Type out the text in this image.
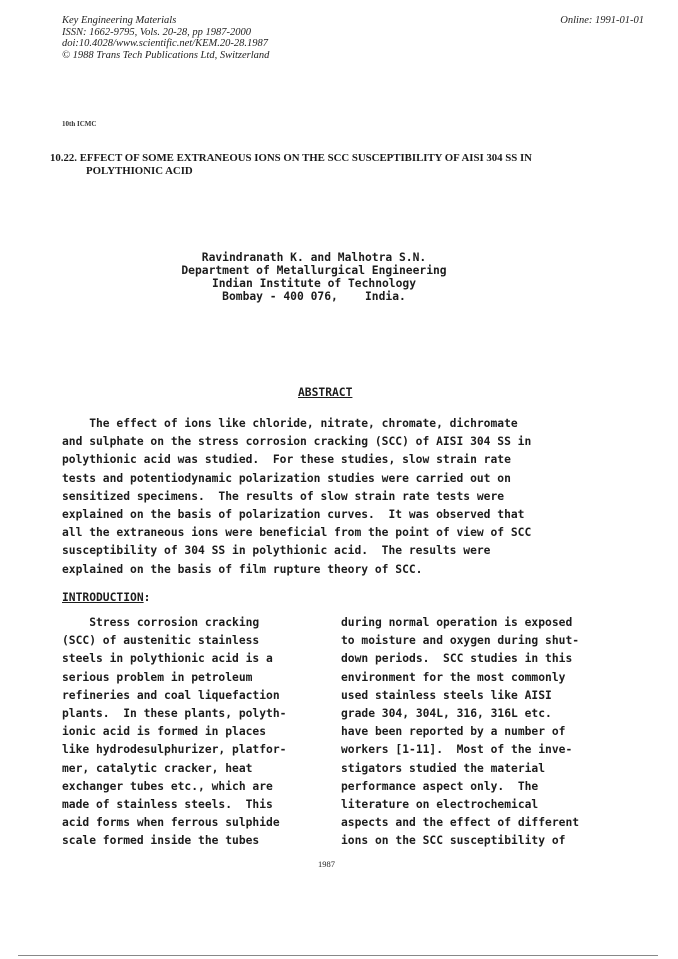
Key Engineering Materials
ISSN: 1662-9795, Vols. 20-28, pp 1987-2000
doi:10.4028/www.scientific.net/KEM.20-28.1987
© 1988 Trans Tech Publications Ltd, Switzerland
Online: 1991-01-01
10th ICMC
10.22. EFFECT OF SOME EXTRANEOUS IONS ON THE SCC SUSCEPTIBILITY OF AISI 304 SS IN
POLYTHIONIC ACID
Ravindranath K. and Malhotra S.N.
Department of Metallurgical Engineering
Indian Institute of Technology
Bombay - 400 076,    India.
ABSTRACT
The effect of ions like chloride, nitrate, chromate, dichromate
and sulphate on the stress corrosion cracking (SCC) of AISI 304 SS in
polythionic acid was studied.  For these studies, slow strain rate
tests and potentiodynamic polarization studies were carried out on
sensitized specimens.  The results of slow strain rate tests were
explained on the basis of polarization curves.  It was observed that
all the extraneous ions were beneficial from the point of view of SCC
susceptibility of 304 SS in polythionic acid.  The results were
explained on the basis of film rupture theory of SCC.
INTRODUCTION:
Stress corrosion cracking
(SCC) of austenitic stainless
steels in polythionic acid is a
serious problem in petroleum
refineries and coal liquefaction
plants.  In these plants, polyth-
ionic acid is formed in places
like hydrodesulphurizer, platfor-
mer, catalytic cracker, heat
exchanger tubes etc., which are
made of stainless steels.  This
acid forms when ferrous sulphide
scale formed inside the tubes
during normal operation is exposed
to moisture and oxygen during shut-
down periods.  SCC studies in this
environment for the most commonly
used stainless steels like AISI
grade 304, 304L, 316, 316L etc.
have been reported by a number of
workers [1-11].  Most of the inve-
stigators studied the material
performance aspect only.  The
literature on electrochemical
aspects and the effect of different
ions on the SCC susceptibility of
1987
